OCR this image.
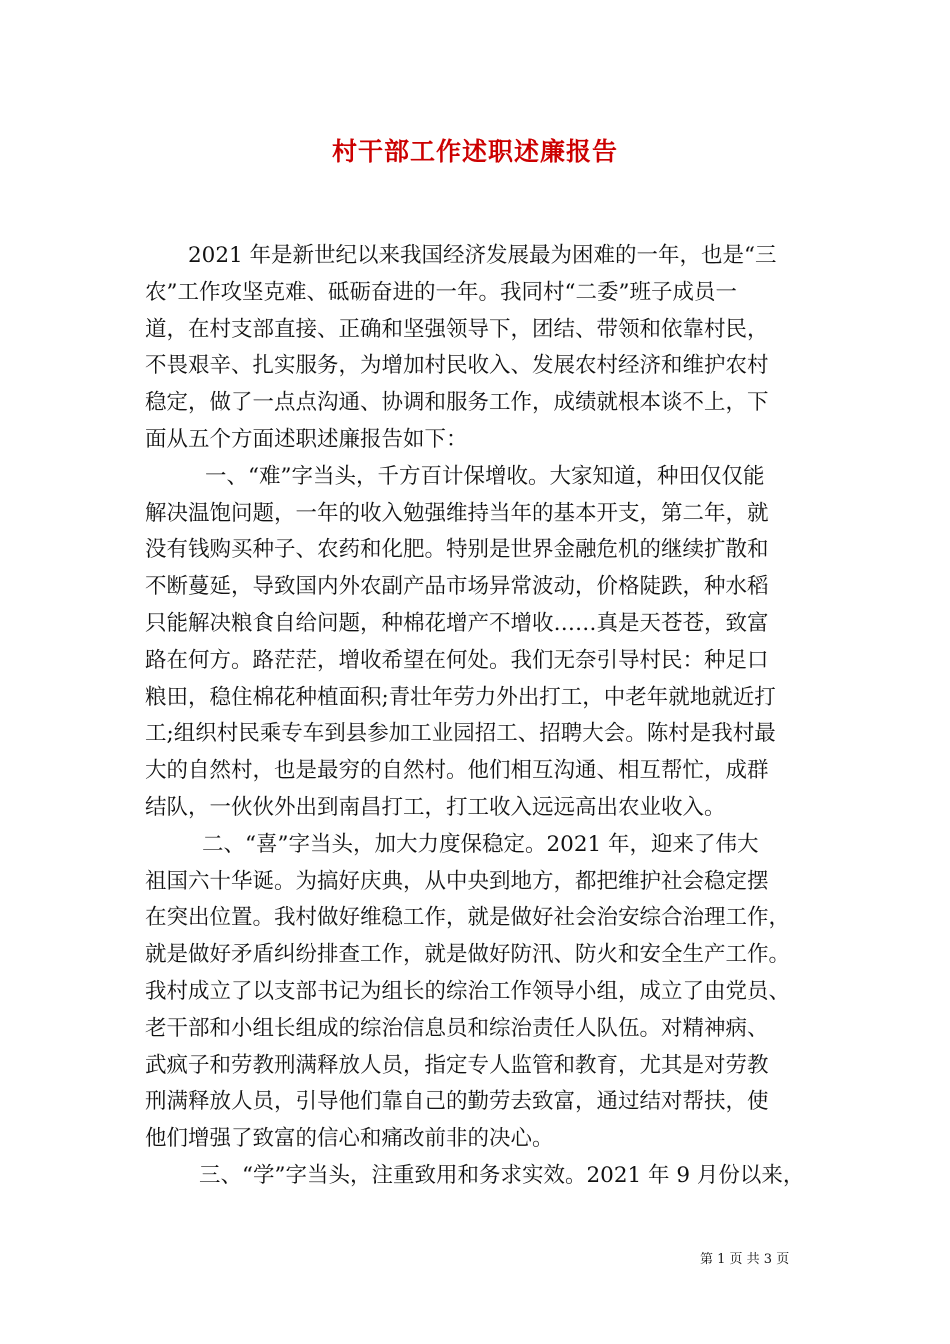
村干部工作述职述廉报告
2021 年是新世纪以来我国经济发展最为困难的一年，也是“三
农”工作攻坚克难、砥砺奋进的一年。我同村“二委”班子成员一
道，在村支部直接、正确和坚强领导下，团结、带领和依靠村民，
不畏艰辛、扎实服务，为增加村民收入、发展农村经济和维护农村
稳定，做了一点点沟通、协调和服务工作，成绩就根本谈不上，下
面从五个方面述职述廉报告如下：
一、“难”字当头，千方百计保增收。大家知道，种田仅仅能
解决温饱问题，一年的收入勉强维持当年的基本开支，第二年，就
没有钱购买种子、农药和化肥。特别是世界金融危机的继续扩散和
不断蔓延，导致国内外农副产品市场异常波动，价格陡跌，种水稻
只能解决粮食自给问题，种棉花增产不增收……真是天苍苍，致富
路在何方。路茫茫，增收希望在何处。我们无奈引导村民：种足口
粮田，稳住棉花种植面积;青壮年劳力外出打工，中老年就地就近打
工;组织村民乘专车到县参加工业园招工、招聘大会。陈村是我村最
大的自然村，也是最穷的自然村。他们相互沟通、相互帮忙，成群
结队，一伙伙外出到南昌打工，打工收入远远高出农业收入。
二、“喜”字当头，加大力度保稳定。2021 年，迎来了伟大
祖国六十华诞。为搞好庆典，从中央到地方，都把维护社会稳定摆
在突出位置。我村做好维稳工作，就是做好社会治安综合治理工作，
就是做好矛盾纠纷排查工作，就是做好防汛、防火和安全生产工作。
我村成立了以支部书记为组长的综治工作领导小组，成立了由党员、
老干部和小组长组成的综治信息员和综治责任人队伍。对精神病、
武疯子和劳教刑满释放人员，指定专人监管和教育，尤其是对劳教
刑满释放人员，引导他们靠自己的勤劳去致富，通过结对帮扶，使
他们增强了致富的信心和痛改前非的决心。
三、“学”字当头，注重致用和务求实效。2021 年 9 月份以来，
第 1 页 共 3 页
